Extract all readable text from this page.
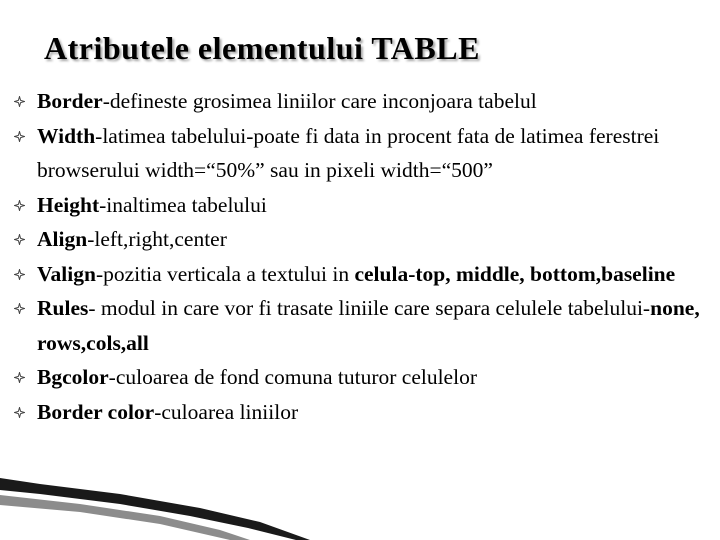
Atributele elementului TABLE
Border-defineste grosimea liniilor care inconjoara tabelul
Width-latimea tabelului-poate fi data in procent fata de latimea ferestrei browserului width=“50%” sau in pixeli width=“500”
Height-inaltimea tabelului
Align-left,right,center
Valign-pozitia verticala a textului in celula-top, middle, bottom,baseline
Rules- modul in care vor fi trasate liniile care separa celulele tabelului-none, rows,cols,all
Bgcolor-culoarea de fond comuna tuturor celulelor
Border color-culoarea liniilor
